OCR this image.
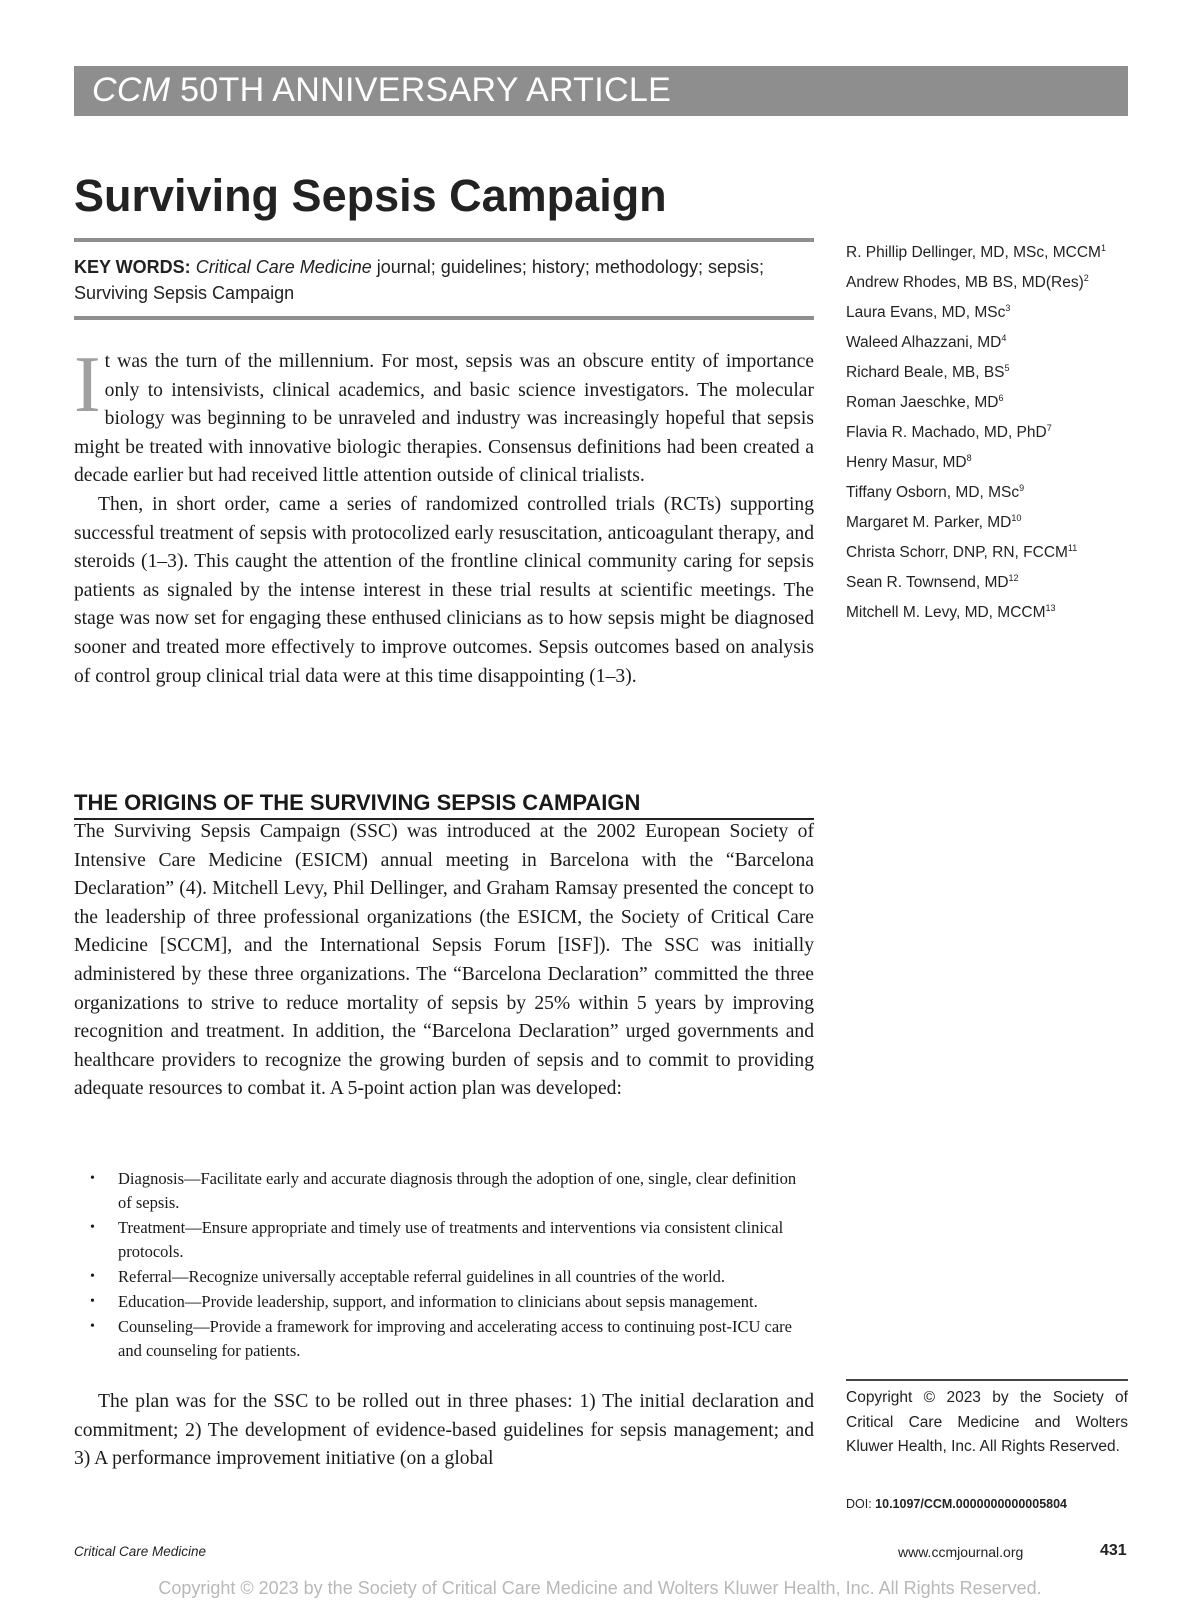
CCM 50TH ANNIVERSARY ARTICLE
Surviving Sepsis Campaign
KEY WORDS: Critical Care Medicine journal; guidelines; history; methodology; sepsis; Surviving Sepsis Campaign

It was the turn of the millennium. For most, sepsis was an obscure entity of importance only to intensivists, clinical academics, and basic science investigators. The molecular biology was beginning to be unraveled and industry was increasingly hopeful that sepsis might be treated with innovative biologic therapies. Consensus definitions had been created a decade earlier but had received little attention outside of clinical trialists.

Then, in short order, came a series of randomized controlled trials (RCTs) supporting successful treatment of sepsis with protocolized early resuscitation, anticoagulant therapy, and steroids (1–3). This caught the attention of the frontline clinical community caring for sepsis patients as signaled by the intense interest in these trial results at scientific meetings. The stage was now set for engaging these enthused clinicians as to how sepsis might be diagnosed sooner and treated more effectively to improve outcomes. Sepsis outcomes based on analysis of control group clinical trial data were at this time disappointing (1–3).

THE ORIGINS OF THE SURVIVING SEPSIS CAMPAIGN

The Surviving Sepsis Campaign (SSC) was introduced at the 2002 European Society of Intensive Care Medicine (ESICM) annual meeting in Barcelona with the “Barcelona Declaration” (4). Mitchell Levy, Phil Dellinger, and Graham Ramsay presented the concept to the leadership of three professional organizations (the ESICM, the Society of Critical Care Medicine [SCCM], and the International Sepsis Forum [ISF]). The SSC was initially administered by these three organizations. The “Barcelona Declaration” committed the three organizations to strive to reduce mortality of sepsis by 25% within 5 years by improving recognition and treatment. In addition, the “Barcelona Declaration” urged governments and healthcare providers to recognize the growing burden of sepsis and to commit to providing adequate resources to combat it. A 5-point action plan was developed:

• Diagnosis—Facilitate early and accurate diagnosis through the adoption of one, single, clear definition of sepsis.
• Treatment—Ensure appropriate and timely use of treatments and interventions via consistent clinical protocols.
• Referral—Recognize universally acceptable referral guidelines in all countries of the world.
• Education—Provide leadership, support, and information to clinicians about sepsis management.
• Counseling—Provide a framework for improving and accelerating access to continuing post-ICU care and counseling for patients.

The plan was for the SSC to be rolled out in three phases: 1) The initial declaration and commitment; 2) The development of evidence-based guidelines for sepsis management; and 3) A performance improvement initiative (on a global

R. Phillip Dellinger, MD, MSc, MCCM$^1$
Andrew Rhodes, MB BS, MD(Res)$^2$
Laura Evans, MD, MSc$^3$
Waleed Alhazzani, $MD^4$
Richard Beale, MB, $BS^5$
Roman Jaeschke, $MD^6$
Flavia R. Machado, MD, PhD$^7$
Henry Masur, $MD^8$
Tiffany Osborn, MD, MSc$^9$
Margaret M. Parker, MD$^{10}$
Christa Schorr, DNP, RN, FCCM$^{11}$
Sean R. Townsend, MD$^{12}$
Mitchell M. Levy, MD, MCCM$^{13}$

Copyright © 2023 by the Society of Critical Care Medicine and Wolters Kluwer Health, Inc. All Rights Reserved.

DOI: 10.1097/CCM.0000000000005804

Critical Care Medicine	www.ccmjournal.org	431
Copyright © 2023 by the Society of Critical Care Medicine and Wolters Kluwer Health, Inc. All Rights Reserved.
